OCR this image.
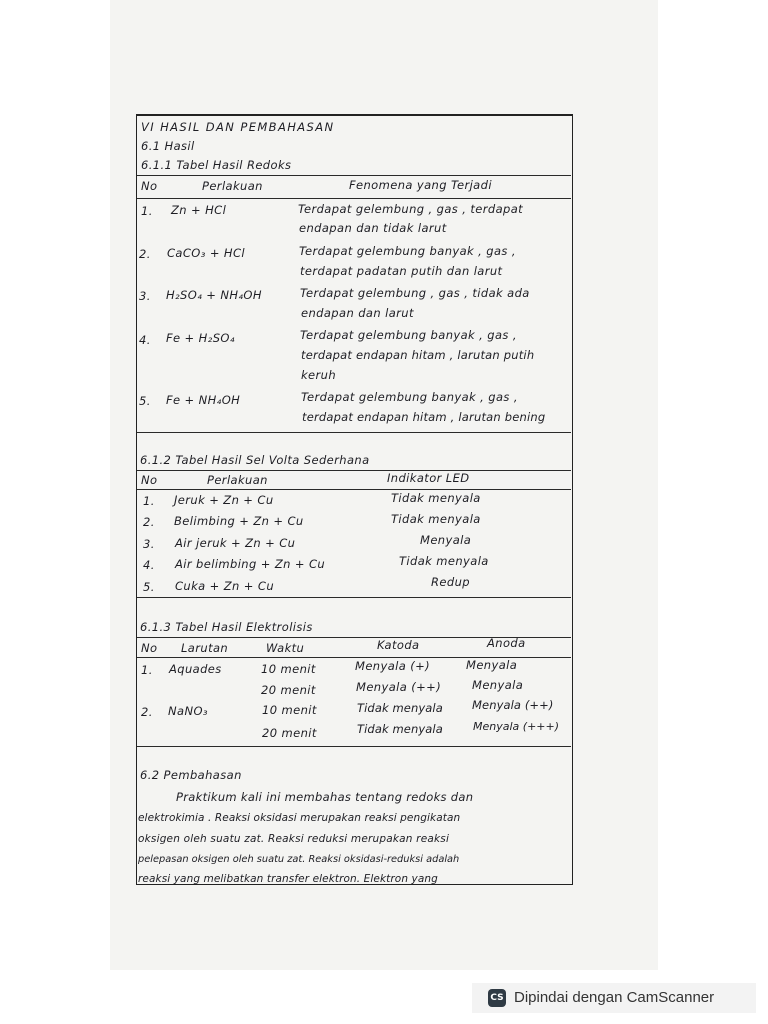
VI HASIL DAN PEMBAHASAN
6.1 Hasil
6.1.1 Tabel Hasil Redoks
No	Perlakuan	Fenomena yang Terjadi
1. Zn + HCl	Terdapat gelembung , gas , terdapat
endapan dan tidak larut
2. CaCO₃ + HCl	Terdapat gelembung banyak , gas ,
terdapat padatan putih dan larut
3. H₂SO₄ + NH₄OH	Terdapat gelembung , gas , tidak ada
endapan dan larut
4. Fe + H₂SO₄	Terdapat gelembung banyak , gas ,
terdapat endapan hitam , larutan putih
keruh
5. Fe + NH₄OH	Terdapat gelembung banyak , gas ,
terdapat endapan hitam , larutan bening
6.1.2 Tabel Hasil Sel Volta Sederhana
No	Perlakuan	Indikator LED
1. Jeruk + Zn + Cu	Tidak menyala
2. Belimbing + Zn + Cu	Tidak menyala
3. Air jeruk + Zn + Cu	Menyala
4. Air belimbing + Zn + Cu	Tidak menyala
5. Cuka + Zn + Cu	Redup
6.1.3 Tabel Hasil Elektrolisis
No Larutan	Waktu	Katoda	Anoda
1. Aquades	10 menit	Menyala (+)	Menyala
20 menit	Menyala (++)	Menyala
2. NaNO₃	10 menit	Tidak menyala	Menyala (++)
20 menit	Tidak menyala	Menyala (+++)
6.2 Pembahasan
Praktikum kali ini membahas tentang redoks dan
elektrokimia . Reaksi oksidasi merupakan reaksi pengikatan
oksigen oleh suatu zat. Reaksi reduksi merupakan reaksi
pelepasan oksigen oleh suatu zat. Reaksi oksidasi-reduksi adalah
reaksi yang melibatkan transfer elektron. Elektron yang
CS Dipindai dengan CamScanner
